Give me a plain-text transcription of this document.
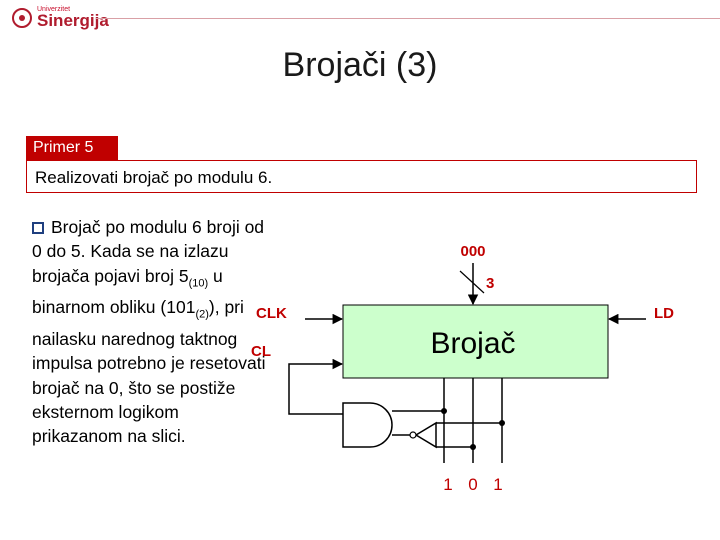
Univerzitet
Sinergija
Brojači (3)
Primer 5
Realizovati brojač po modulu 6.
Brojač po modulu 6 broji od 0 do 5. Kada se na izlazu brojača pojavi broj $5_{(10)}$ u binarnom obliku $(101_{(2)})$, pri nailasku narednog taktnog impulsa potrebno je resetovati brojač na 0, što se postiže eksternom logikom prikazanom na slici.
Brojač
000
3
CLK	LD
CL
1 0 1
